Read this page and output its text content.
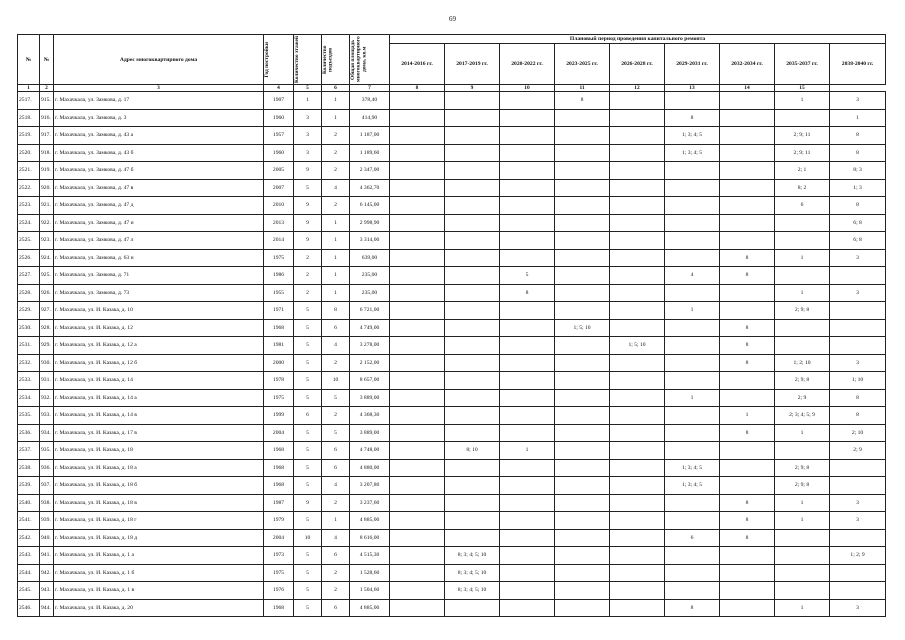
69
№	№	Адрес многоквартирного дома	Год постройки	Количество этажей	Количество подъездов	Общая площадь многоквартирного дома, кв.м	Плановый период проведения капитального ремонта								
							2014-2016 гг.	2017-2019 гг.	2020-2022 гг.	2023-2025 гг.	2026-2028 гг.	2029-2031 гг.	2032-2034 гг.	2035-2037 гг.	2038-2040 гг.
1	2	3	4	5	6	7	8	9	10	11	12	13	14	15	
2517.	915.	г. Махачкала, ул. Замкова, д. 17	1907	1	1	378,40				8				1	3
2518.	916.	г. Махачкала, ул. Замкова, д. 3	1960	3	1	414,90						8			1
2519.	917.	г. Махачкала, ул. Замкова, д. 43 а	1957	3	2	1 187,00						1; 3; 4; 5		2; 9; 11	8
2520.	918.	г. Махачкала, ул. Замкова, д. 43 б	1960	3	2	1 189,60						1; 3; 4; 5		2; 9; 11	8
2521.	919.	г. Махачкала, ул. Замкова, д. 47 б	2005	9	2	2 347,00								2; 1	8; 3
2522.	920.	г. Махачкала, ул. Замкова, д. 47 в	2007	5	4	4 362,70								8; 2	1; 3
2523.	921.	г. Махачкала, ул. Замкова, д. 47 д	2010	9	2	6 145,00								6	8
2524.	922.	г. Махачкала, ул. Замкова, д. 47 и	2013	9	1	2 998,90									6; 8
2525.	923.	г. Махачкала, ул. Замкова, д. 47 л	2014	9	1	3 314,00									6; 8
2526.	924.	г. Махачкала, ул. Замкова, д. 63 и	1975	2	1	639,00							8	1	3
2527.	925.	г. Махачкала, ул. Замкова, д. 71	1986	2	1	235,00			5			4	8		
2528.	926.	г. Махачкала, ул. Замкова, д. 73	1955	2	1	235,00			8					1	3
2529.	927.	г. Махачкала, ул. И. Казака, д. 10	1971	5	8	6 721,00						1		2; 9; 8	
2530.	928.	г. Махачкала, ул. И. Казака, д. 12	1968	5	6	4 749,00				1; 5; 10			8		
2531.	929.	г. Махачкала, ул. И. Казака, д. 12 а	1981	5	4	3 278,00					1; 5; 10		8		
2532.	930.	г. Махачкала, ул. И. Казака, д. 12 б	2000	5	2	2 152,00							8	1; 2; 10	3
2533.	931.	г. Махачкала, ул. И. Казака, д. 14	1978	5	10	8 657,00								2; 9; 8	1; 10
2534.	932.	г. Махачкала, ул. И. Казака, д. 14 а	1975	5	5	3 889,00						1		2; 9	8
2535.	933.	г. Махачкала, ул. И. Казака, д. 14 в	1999	6	2	4 368,30							1	2; 3; 4; 5; 9	8
2536.	934.	г. Махачкала, ул. И. Казака, д. 17 в	2004	5	5	3 889,00							8	1	2; 10
2537.	935.	г. Махачкала, ул. И. Казака, д. 18	1968	5	6	4 748,00		8; 10	1						2; 9
2538.	936.	г. Махачкала, ул. И. Казака, д. 18 а	1968	5	6	4 880,00						1; 3; 4; 5		2; 9; 8	
2539.	937.	г. Махачкала, ул. И. Казака, д. 18 б	1968	5	4	3 207,80						1; 3; 4; 5		2; 9; 8	
2540.	938.	г. Махачкала, ул. И. Казака, д. 18 в	1987	9	2	3 237,60							8	1	3
2541.	939.	г. Махачкала, ул. И. Казака, д. 18 г	1979	5	1	4 885,00							8	1	3
2542.	940.	г. Махачкала, ул. И. Казака, д. 18 д	2004	10	4	8 616,00						6	8		
2543.	941.	г. Махачкала, ул. И. Казака, д. 1 а	1973	5	6	4 515,30		8; 3; 4; 5; 10							1; 2; 9
2544.	942.	г. Махачкала, ул. И. Казака, д. 1 б	1975	5	2	1 528,60		8; 3; 4; 5; 10							
2545.	943.	г. Махачкала, ул. И. Казака, д. 1 в	1976	5	2	1 504,60		8; 3; 4; 5; 10							
2546.	944.	г. Махачкала, ул. И. Казака, д. 20	1968	5	6	4 885,00						8		1	3
